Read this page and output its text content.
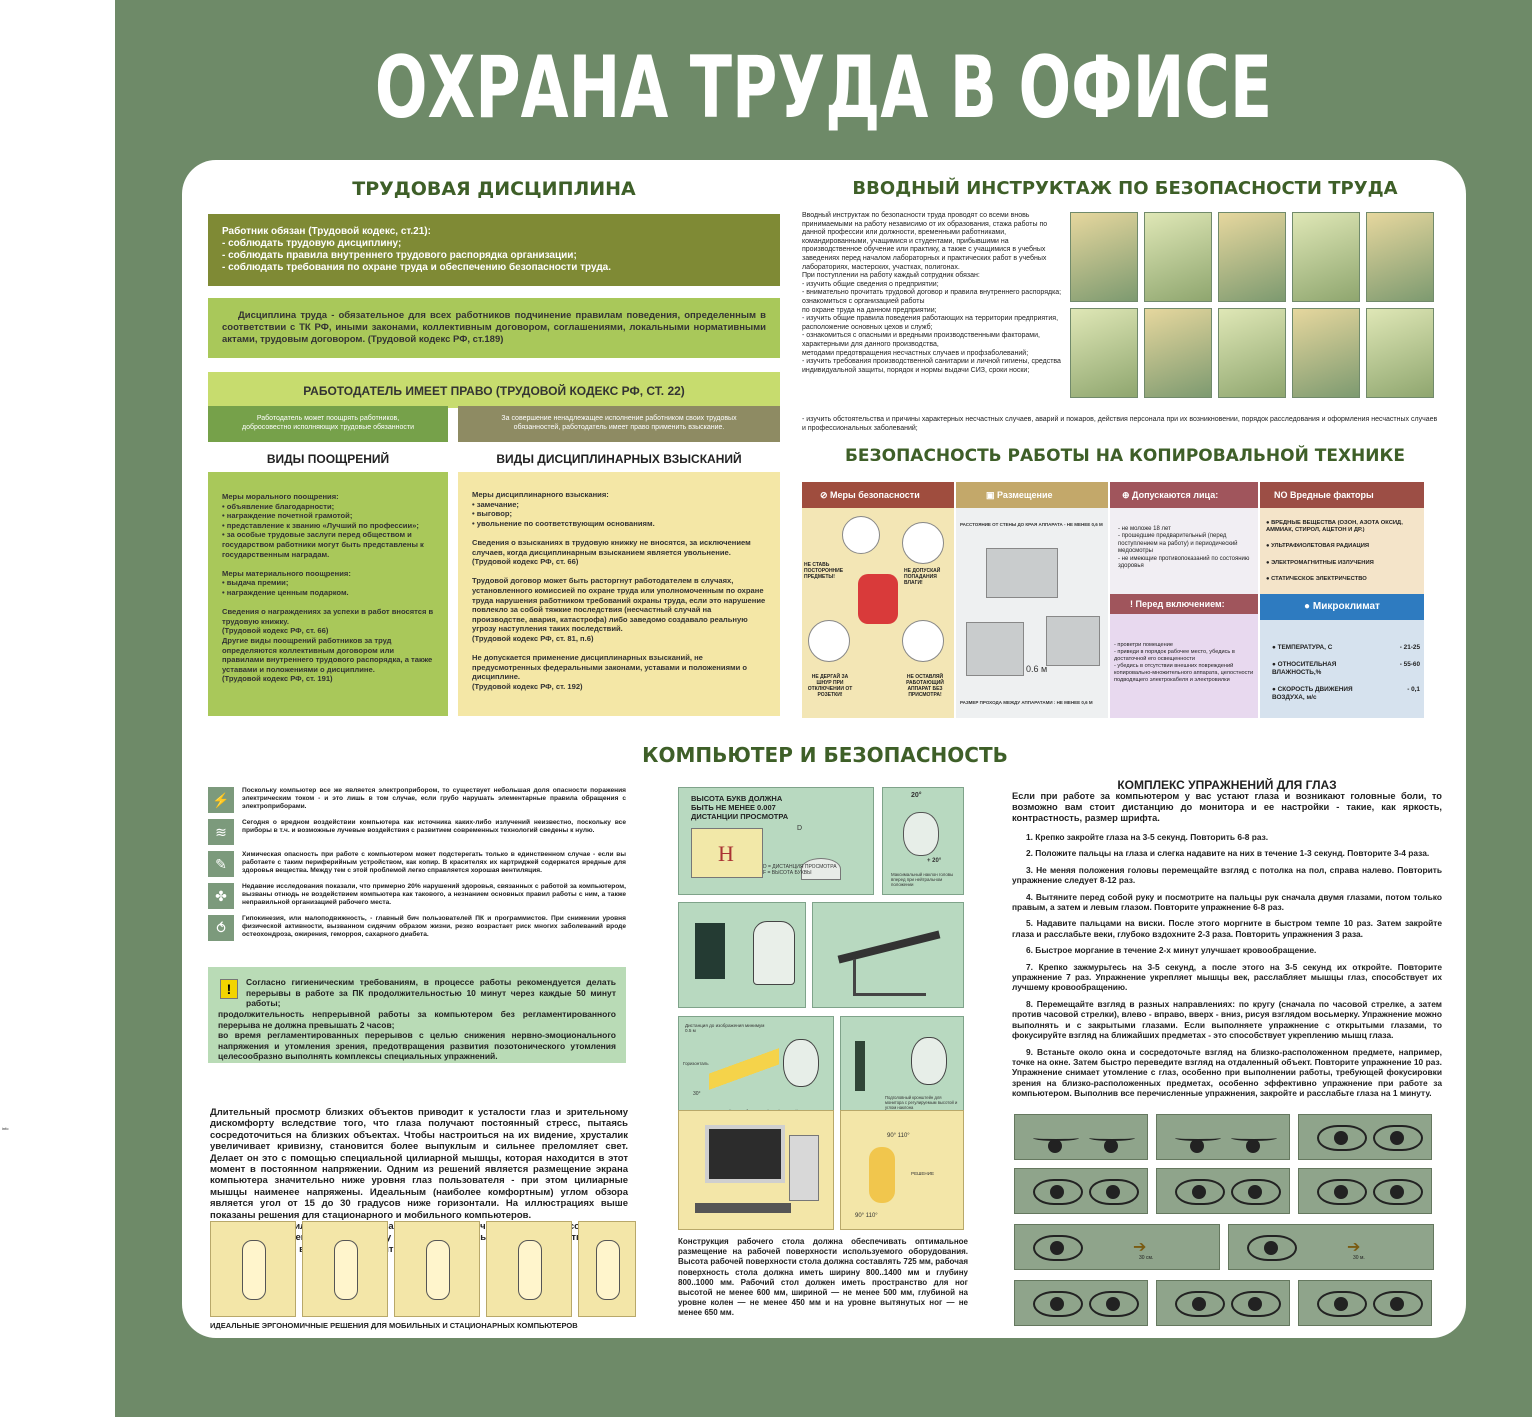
info
ОХРАНА ТРУДА В ОФИСЕ
ТРУДОВАЯ ДИСЦИПЛИНА
Работник обязан (Трудовой кодекс, ст.21):
- соблюдать трудовую дисциплину;
- соблюдать правила внутреннего трудового распорядка организации;
- соблюдать требования по охране труда и обеспечению безопасности труда.
Дисциплина труда - обязательное для всех работников подчинение правилам поведения, определенным в соответствии с ТК РФ, иными законами, коллективным договором, соглашениями, локальными нормативными актами, трудовым договором. (Трудовой кодекс РФ, ст.189)
РАБОТОДАТЕЛЬ ИМЕЕТ ПРАВО (ТРУДОВОЙ КОДЕКС РФ, СТ. 22)
Работодатель может поощрять работников, добросовестно исполняющих трудовые обязанности
За совершение ненадлежащее исполнение работником своих трудовых обязанностей, работодатель имеет право применить взыскание.
ВИДЫ ПООЩРЕНИЙ	ВИДЫ ДИСЦИПЛИНАРНЫХ ВЗЫСКАНИЙ
Меры морального поощрения:
• объявление благодарности;
• награждение почетной грамотой;
• представление к званию «Лучший по профессии»;
• за особые трудовые заслуги перед обществом и государством работники могут быть представлены к государственным наградам.

Меры материального поощрения:
• выдача премии;
• награждение ценным подарком.

Сведения о награждениях за успехи в работ вносятся в трудовую книжку.
(Трудовой кодекс РФ, ст. 66)
Другие виды поощрений работников за труд определяются коллективным договором или правилами внутреннего трудового распорядка, а также уставами и положениями о дисциплине.
(Трудовой кодекс РФ, ст. 191)
Меры дисциплинарного взыскания:
• замечание;
• выговор;
• увольнение по соответствующим основаниям.

Сведения о взысканиях в трудовую книжку не вносятся, за исключением случаев, когда дисциплинарным взысканием является увольнение.
(Трудовой кодекс РФ, ст. 66)

Трудовой договор может быть расторгнут работодателем в случаях, установленного комиссией по охране труда или уполномоченным по охране труда нарушения работником требований охраны труда, если это нарушение повлекло за собой тяжкие последствия (несчастный случай на производстве, авария, катастрофа) либо заведомо создавало реальную угрозу наступления таких последствий.
(Трудовой кодекс РФ, ст. 81, п.6)

Не допускается применение дисциплинарных взысканий, не предусмотренных федеральными законами, уставами и положениями о дисциплине.
(Трудовой кодекс РФ, ст. 192)
ВВОДНЫЙ ИНСТРУКТАЖ ПО БЕЗОПАСНОСТИ ТРУДА
Вводный инструктаж по безопасности труда проводят со всеми вновь принимаемыми на работу независимо от их образования, стажа работы по данной профессии или должности, временными работниками, командированными, учащимися и студентами, прибывшими на производственное обучение или практику, а также с учащимися в учебных заведениях перед началом лабораторных и практических работ в учебных лабораториях, мастерских, участках, полигонах.
При поступлении на работу каждый сотрудник обязан:
- изучить общие сведения о предприятии;
- внимательно прочитать трудовой договор и правила внутреннего распорядка; ознакомиться с организацией работы
по охране труда на данном предприятии;
- изучить общие правила поведения работающих на территории предприятия, расположение основных цехов и служб;
- ознакомиться с опасными и вредными производственными факторами, характерными для данного производства,
методами предотвращения несчастных случаев и профзаболеваний;
- изучить требования производственной санитарии и личной гигиены, средства индивидуальной защиты, порядок и нормы выдачи СИЗ, сроки носки;
- изучить обстоятельства и причины характерных несчастных случаев, аварий и пожаров, действия персонала при их возникновении, порядок расследования и оформления несчастных случаев и профессиональных заболеваний;
БЕЗОПАСНОСТЬ РАБОТЫ НА КОПИРОВАЛЬНОЙ ТЕХНИКЕ
⊘ Меры безопасности
НЕ СТАВЬ ПОСТОРОННИЕ ПРЕДМЕТЫ!
НЕ ДОПУСКАЙ ПОПАДАНИЯ ВЛАГИ!
НЕ ДЕРГАЙ ЗА ШНУР ПРИ ОТКЛЮЧЕНИИ ОТ РОЗЕТКИ!
НЕ ОСТАВЛЯЙ РАБОТАЮЩИЙ АППАРАТ БЕЗ ПРИСМОТРА!
▣ Размещение
РАССТОЯНИЕ ОТ СТЕНЫ ДО КРАЯ АППАРАТА - НЕ МЕНЕЕ 0,6 М
0.6 м
РАЗМЕР ПРОХОДА МЕЖДУ АППАРАТАМИ : НЕ МЕНЕЕ 0,6 М
⊕ Допускаются лица:
- не моложе 18 лет
- прошедшие предварительный (перед поступлением на работу) и периодический медосмотры
- не имеющие противопоказаний по состоянию здоровья
! Перед включением:
- проветри помещение
- приведи в порядок рабочее место, убедись в достаточной его освещенности
- убедись в отсутствии внешних повреждений копировально-множительного аппарата, целостности подводящего электрокабеля и электровилки
NO Вредные факторы
● ВРЕДНЫЕ ВЕЩЕСТВА (ОЗОН, АЗОТА ОКСИД, АММИАК, СТИРОЛ, АЦЕТОН И ДР.)
● УЛЬТРАФИОЛЕТОВАЯ РАДИАЦИЯ
● ЭЛЕКТРОМАГНИТНЫЕ ИЗЛУЧЕНИЯ
● СТАТИЧЕСКОЕ ЭЛЕКТРИЧЕСТВО
● Микроклимат
● ТЕМПЕРАТУРА, С	- 21-25
● ОТНОСИТЕЛЬНАЯ ВЛАЖНОСТЬ,%
- 55-60
● СКОРОСТЬ ДВИЖЕНИЯ ВОЗДУХА, м/с
- 0,1
КОМПЬЮТЕР И БЕЗОПАСНОСТЬ
⚡
Поскольку компьютер все же является электроприбором, то существует небольшая доля опасности поражения электрическим током - и это лишь в том случае, если грубо нарушать элементарные правила обращения с электроприборами.
≋
Сегодня о вредном воздействии компьютера как источника каких-либо излучений неизвестно, поскольку все приборы в т.ч. и возможные лучевые воздействия с развитием современных технологий сведены к нулю.
✎
Химическая опасность при работе с компьютером может подстерегать только в единственном случае - если вы работаете с таким периферийным устройством, как копир. В красителях их картриджей содержатся вредные для здоровья вещества. Между тем с этой проблемой легко справляется хорошая вентиляция.
✤
Недавние исследования показали, что примерно 20% нарушений здоровья, связанных с работой за компьютером, вызваны отнюдь не воздействием компьютера как такового, а незнанием основных правил работы с ним, а также неправильной организацией рабочего места.
⥀
Гипокинезия, или малоподвижность, - главный бич пользователей ПК и программистов. При снижении уровня физической активности, вызванном сидячим образом жизни, резко возрастает риск многих заболеваний вроде остеохондроза, ожирения, геморроя, сахарного диабета.
!	Согласно гигиеническим требованиям, в процессе работы рекомендуется делать перерывы в работе за ПК продолжительностью 10 минут через каждые 50 минут работы;
продолжительность непрерывной работы за компьютером без регламентированного перерыва не должна превышать 2 часов;
во время регламентированных перерывов с целью снижения нервно-эмоционального напряжения и утомления зрения, предотвращения развития позотонического утомления целесообразно выполнять комплексы специальных упражнений.
Длительный просмотр близких объектов приводит к усталости глаз и зрительному дискомфорту вследствие того, что глаза получают постоянный стресс, пытаясь сосредоточиться на близких объектах. Чтобы настроиться на их видение, хрусталик увеличивает кривизну, становится более выпуклым и сильнее преломляет свет. Делает он это с помощью специальной цилиарной мышцы, которая находится в этот момент в постоянном напряжении. Одним из решений является размещение экрана компьютера значительно ниже уровня глаз пользователя - при этом цилиарные мышцы наименее напряжены. Идеальным (наиболее комфортным) углом обзора является угол от 15 до 30 градусов ниже горизонтали. На иллюстрациях выше показаны решения для стационарного и мобильного компьютеров.
способом: пальцы центра..
ИДЕАЛЬНЫЕ ЭРГОНОМИЧНЫЕ РЕШЕНИЯ ДЛЯ МОБИЛЬНЫХ И СТАЦИОНАРНЫХ КОМПЬЮТЕРОВ
ВЫСОТА БУКВ ДОЛЖНА БЫТЬ НЕ МЕНЕЕ 0.007 ДИСТАНЦИИ ПРОСМОТРА
H
D
D = ДИСТАНЦИЯ ПРОСМОТРА
F = ВЫСОТА БУКВЫ
20°
+ 20°
Максимальный наклон головы вперед при нейтральном положении
Дистанция до изображения минимум 0.5 м
Горизонталь
30°
Подголовный кронштейн для монитора с регулируемым высотой и углом наклона
90° 110°
РЕШЕНИЕ
90° 110°
Конструкция рабочего стола должна обеспечивать оптимальное размещение на рабочей поверхности используемого оборудования. Высота рабочей поверхности стола должна составлять 725 мм, рабочая поверхность стола должна иметь ширину 800..1400 мм и глубину 800..1000 мм. Рабочий стол должен иметь пространство для ног высотой не менее 600 мм, шириной — не менее 500 мм, глубиной на уровне колен — не менее 450 мм и на уровне вытянутых ног — не менее 650 мм.
КОМПЛЕКС УПРАЖНЕНИЙ ДЛЯ ГЛАЗ
Если при работе за компьютером у вас устают глаза и возникают головные боли, то возможно вам стоит дистанцию до монитора и ее настройки - такие, как яркость, контрастность, размер шрифта.
1. Крепко закройте глаза на 3-5 секунд. Повторить 6-8 раз.
2. Положите пальцы на глаза и слегка надавите на них в течение 1-3 секунд. Повторите 3-4 раза.
3. Не меняя положения головы перемещайте взгляд с потолка на пол, справа налево. Повторить упражнение следует 8-12 раз.
4. Вытяните перед собой руку и посмотрите на пальцы рук сначала двумя глазами, потом только правым, а затем и левым глазом. Повторите упражнение 6-8 раз.
5. Надавите пальцами на виски. После этого моргните в быстром темпе 10 раз. Затем закройте глаза и расслабьте веки, глубоко вздохните 2-3 раза. Повторить упражнения 3 раза.
6. Быстрое моргание в течение 2-х минут улучшает кровообращение.
7. Крепко зажмурьтесь на 3-5 секунд, а после этого на 3-5 секунд их откройте. Повторите упражнение 7 раз. Упражнение укрепляет мышцы век, расслабляет мышцы глаз, способствует их лучшему кровообращению.
8. Перемещайте взгляд в разных направлениях: по кругу (сначала по часовой стрелке, а затем против часовой стрелки), влево - вправо, вверх - вниз, рисуя взглядом восьмерку. Упражнение можно выполнять и с закрытыми глазами. Если выполняете упражнение с открытыми глазами, то фокусируйте взгляд на ближайших предметах - это способствует укреплению мышц глаза.
9. Встаньте около окна и сосредоточьте взгляд на близко-расположенном предмете, например, точке на окне. Затем быстро переведите взгляд на отдаленный объект. Повторите упражнение 10 раз. Упражнение снимает утомление с глаз, особенно при выполнении работы, требующей фокусировки зрения на близко-расположенных предметах, особенно эффективно упражнение при работе за компьютером. Выполнив все перечисленные упражнения, закройте и расслабьте глаза на 1 минуту.
➔
30 см.
➔
30 м.
